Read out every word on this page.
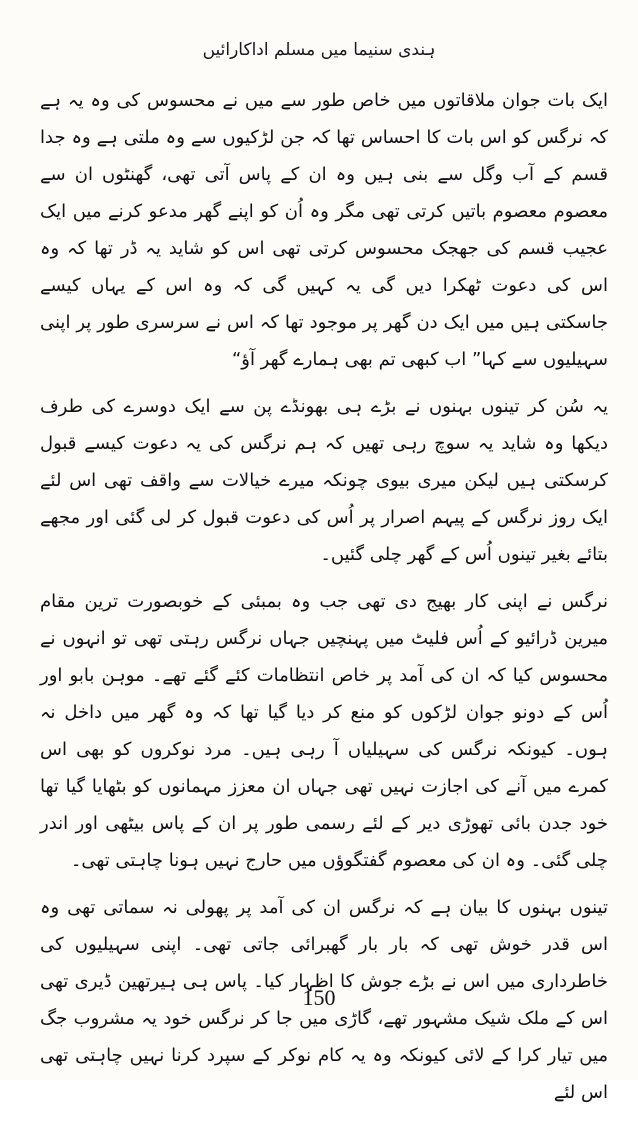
ہندی سنیما میں مسلم اداکارائیں

ایک بات جوان ملاقاتوں میں خاص طور سے میں نے محسوس کی وہ یہ ہے کہ نرگس کو اس بات کا احساس تھا کہ جن لڑکیوں سے وہ ملتی ہے وہ جدا قسم کے آب وگل سے بنی ہیں وہ ان کے پاس آتی تھی، گھنٹوں ان سے معصوم معصوم باتیں کرتی تھی مگر وہ اُن کو اپنے گھر مدعو کرنے میں ایک عجیب قسم کی جھجک محسوس کرتی تھی اس کو شاید یہ ڈر تھا کہ وہ اس کی دعوت ٹھکرا دیں گی یہ کہیں گی کہ وہ اس کے یہاں کیسے جاسکتی ہیں میں ایک دن گھر پر موجود تھا کہ اس نے سرسری طور پر اپنی سہیلیوں سے کہا” اب کبھی تم بھی ہمارے گھر آؤ“

یہ سُن کر تینوں بہنوں نے بڑے ہی بھونڈے پن سے ایک دوسرے کی طرف دیکھا وہ شاید یہ سوچ رہی تھیں کہ ہم نرگس کی یہ دعوت کیسے قبول کرسکتی ہیں لیکن میری بیوی چونکہ میرے خیالات سے واقف تھی اس لئے ایک روز نرگس کے پیہم اصرار پر اُس کی دعوت قبول کر لی گئی اور مجھے بتائے بغیر تینوں اُس کے گھر چلی گئیں۔

نرگس نے اپنی کار بھیج دی تھی جب وہ بمبئی کے خوبصورت ترین مقام میرین ڈرائیو کے اُس فلیٹ میں پہنچیں جہاں نرگس رہتی تھی تو انہوں نے محسوس کیا کہ ان کی آمد پر خاص انتظامات کئے گئے تھے۔ موہن بابو اور اُس کے دونو جوان لڑکوں کو منع کر دیا گیا تھا کہ وہ گھر میں داخل نہ ہوں۔ کیونکہ نرگس کی سہیلیاں آ رہی ہیں۔ مرد نوکروں کو بھی اس کمرے میں آنے کی اجازت نہیں تھی جہاں ان معزز مہمانوں کو بٹھایا گیا تھا خود جدن بائی تھوڑی دیر کے لئے رسمی طور پر ان کے پاس بیٹھی اور اندر چلی گئی۔ وہ ان کی معصوم گفتگوؤں میں حارج نہیں ہونا چاہتی تھی۔

تینوں بہنوں کا بیان ہے کہ نرگس ان کی آمد پر پھولی نہ سماتی تھی وہ اس قدر خوش تھی کہ بار بار گھبرائی جاتی تھی۔ اپنی سہیلیوں کی خاطرداری میں اس نے بڑے جوش کا اظہار کیا۔ پاس ہی ہیرتھین ڈیری تھی اس کے ملک شیک مشہور تھے، گاڑی میں جا کر نرگس خود یہ مشروب جگ میں تیار کرا کے لائی کیونکہ وہ یہ کام نوکر کے سپرد کرنا نہیں چاہتی تھی اس لئے

150
